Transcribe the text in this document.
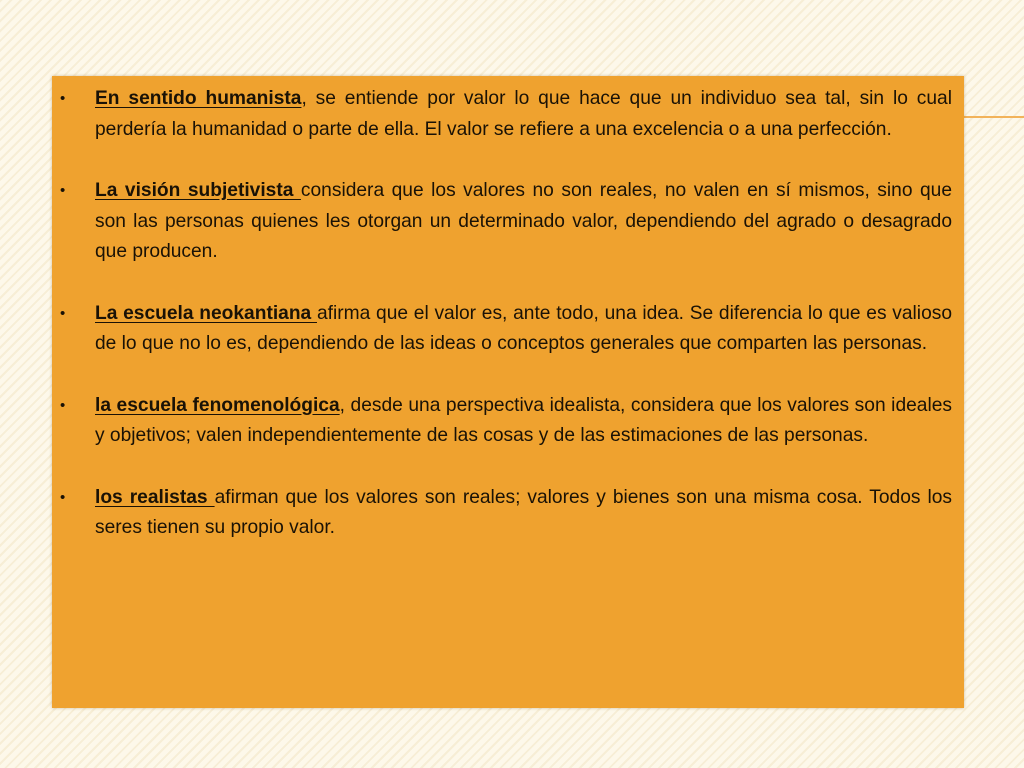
• En sentido humanista, se entiende por valor lo que hace que un individuo sea tal, sin lo cual perdería la humanidad o parte de ella. El valor se refiere a una excelencia o a una perfección.
• La visión subjetivista considera que los valores no son reales, no valen en sí mismos, sino que son las personas quienes les otorgan un determinado valor, dependiendo del agrado o desagrado que producen.
• La escuela neokantiana afirma que el valor es, ante todo, una idea. Se diferencia lo que es valioso de lo que no lo es, dependiendo de las ideas o conceptos generales que comparten las personas.
• la escuela fenomenológica, desde una perspectiva idealista, considera que los valores son ideales y objetivos; valen independientemente de las cosas y de las estimaciones de las personas.
• los realistas afirman que los valores son reales; valores y bienes son una misma cosa. Todos los seres tienen su propio valor.
